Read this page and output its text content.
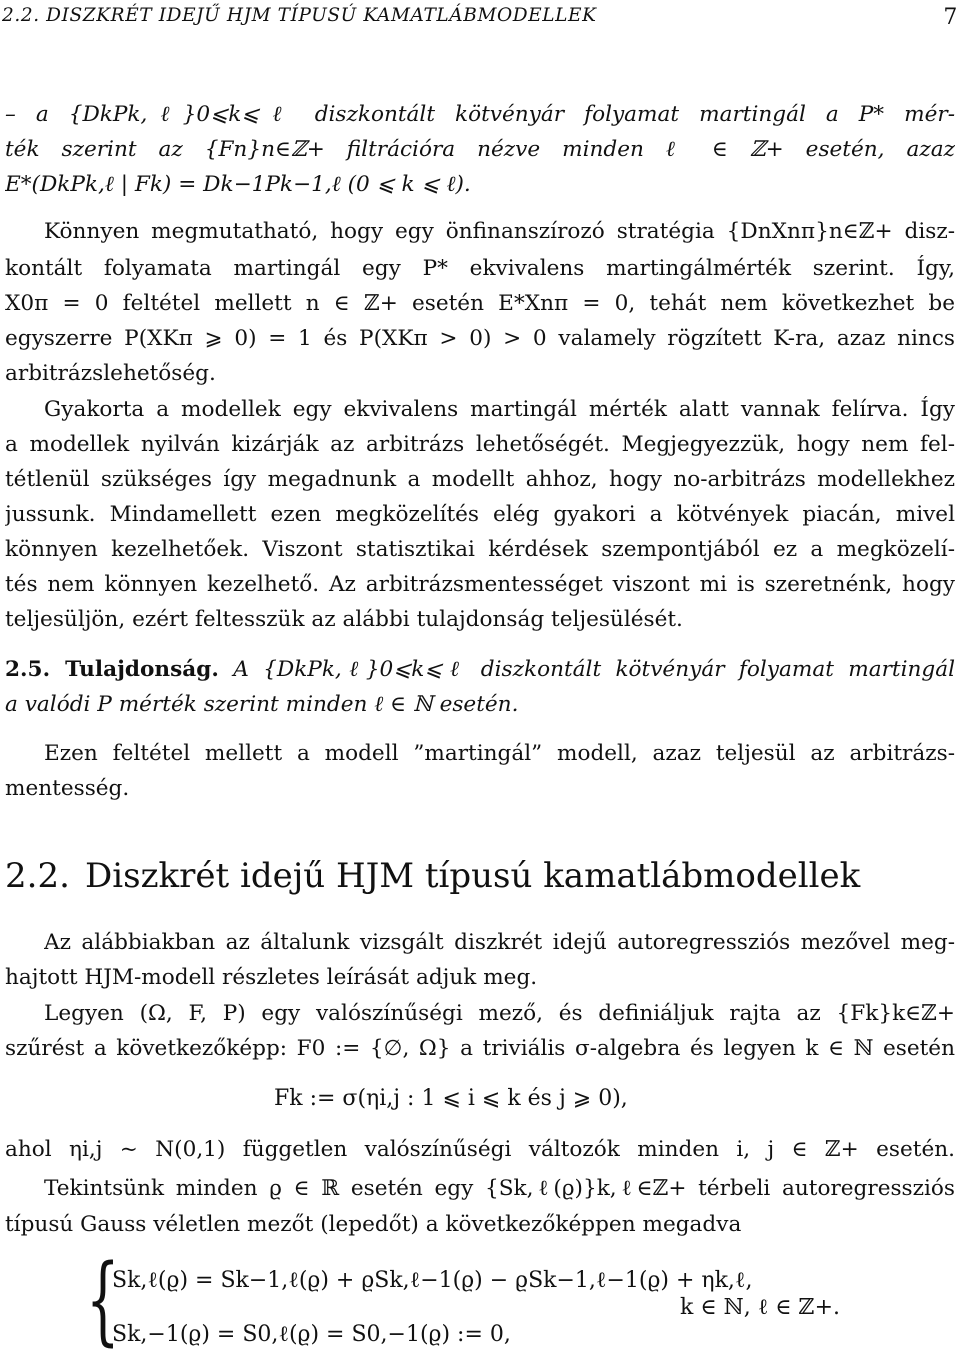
2.2. DISZKRÉT IDEJŰ HJM TÍPUSÚ KAMATLÁBMODELLEK	7
– a {DkPk,ℓ}0⩽k⩽ℓ diszkontált kötvényár folyamat martingál a P* mér-
ték szerint az {Fn}n∈ℤ+ filtrációra nézve minden ℓ ∈ ℤ+ esetén, azaz
E*(DkPk,ℓ | Fk) = Dk−1Pk−1,ℓ (0 ⩽ k ⩽ ℓ).
Könnyen megmutatható, hogy egy önfinanszírozó stratégia {DnXnπ}n∈ℤ+ disz-
kontált folyamata martingál egy P* ekvivalens martingálmérték szerint. Így,
X0π = 0 feltétel mellett n ∈ ℤ+ esetén E*Xnπ = 0, tehát nem következhet be
egyszerre P(XKπ ⩾ 0) = 1 és P(XKπ > 0) > 0 valamely rögzített K-ra, azaz nincs
arbitrázslehetőség.
Gyakorta a modellek egy ekvivalens martingál mérték alatt vannak felírva. Így
a modellek nyilván kizárják az arbitrázs lehetőségét. Megjegyezzük, hogy nem fel-
tétlenül szükséges így megadnunk a modellt ahhoz, hogy no-arbitrázs modellekhez
jussunk. Mindamellett ezen megközelítés elég gyakori a kötvények piacán, mivel
könnyen kezelhetőek. Viszont statisztikai kérdések szempontjából ez a megközelí-
tés nem könnyen kezelhető. Az arbitrázsmentességet viszont mi is szeretnénk, hogy
teljesüljön, ezért feltesszük az alábbi tulajdonság teljesülését.
2.5. Tulajdonság. A {DkPk,ℓ}0⩽k⩽ℓ diszkontált kötvényár folyamat martingál
a valódi P mérték szerint minden ℓ ∈ ℕ esetén.
Ezen feltétel mellett a modell ”martingál” modell, azaz teljesül az arbitrázs-
mentesség.
2.2. Diszkrét idejű HJM típusú kamatlábmodellek
Az alábbiakban az általunk vizsgált diszkrét idejű autoregressziós mezővel meg-
hajtott HJM-modell részletes leírását adjuk meg.
Legyen (Ω, F, P) egy valószínűségi mező, és definiáljuk rajta az {Fk}k∈ℤ+
szűrést a következőképp: F0 := {∅, Ω} a triviális σ-algebra és legyen k ∈ ℕ esetén
Fk := σ(ηi,j : 1 ⩽ i ⩽ k és j ⩾ 0),
ahol ηi,j ~ N(0,1) független valószínűségi változók minden i, j ∈ ℤ+ esetén.
Tekintsünk minden ϱ ∈ ℝ esetén egy {Sk,ℓ(ϱ)}k,ℓ∈ℤ+ térbeli autoregressziós
típusú Gauss véletlen mezőt (lepedőt) a következőképpen megadva
{
Sk,ℓ(ϱ) = Sk−1,ℓ(ϱ) + ϱSk,ℓ−1(ϱ) − ϱSk−1,ℓ−1(ϱ) + ηk,ℓ,
Sk,−1(ϱ) = S0,ℓ(ϱ) = S0,−1(ϱ) := 0,
k ∈ ℕ, ℓ ∈ ℤ+.
